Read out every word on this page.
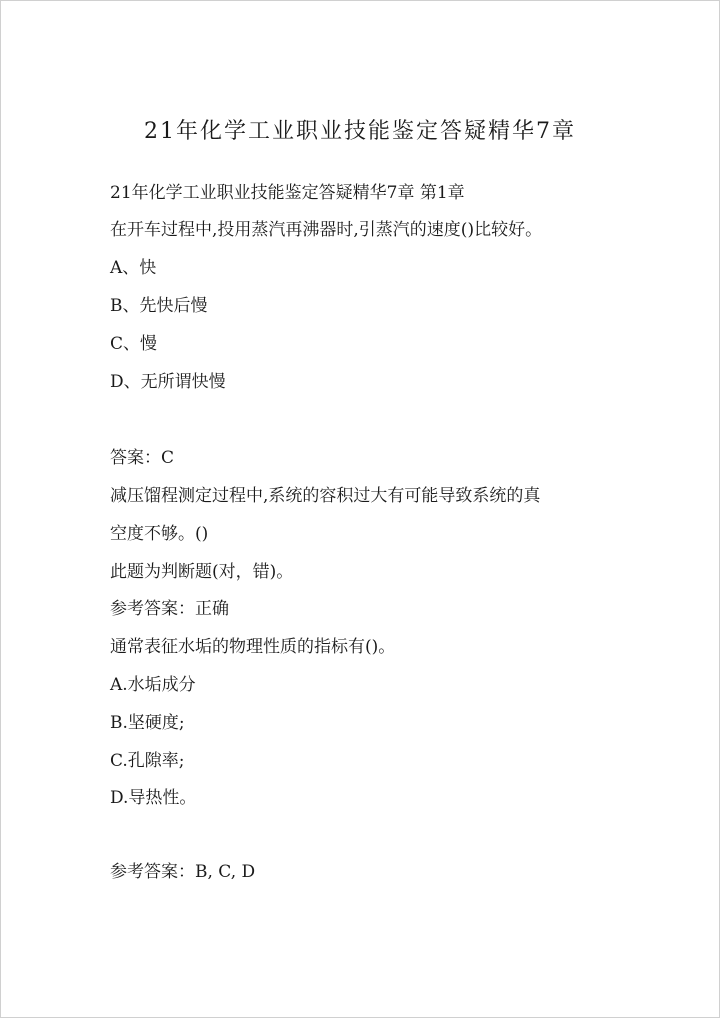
21年化学工业职业技能鉴定答疑精华7章
21年化学工业职业技能鉴定答疑精华7章 第1章
在开车过程中,投用蒸汽再沸器时,引蒸汽的速度()比较好。
A、快
B、先快后慢
C、慢
D、无所谓快慢
答案：C
减压馏程测定过程中,系统的容积过大有可能导致系统的真
空度不够。()
此题为判断题(对，错)。
参考答案：正确
通常表征水垢的物理性质的指标有()。
A.水垢成分
B.坚硬度;
C.孔隙率;
D.导热性。
参考答案：B, C, D
